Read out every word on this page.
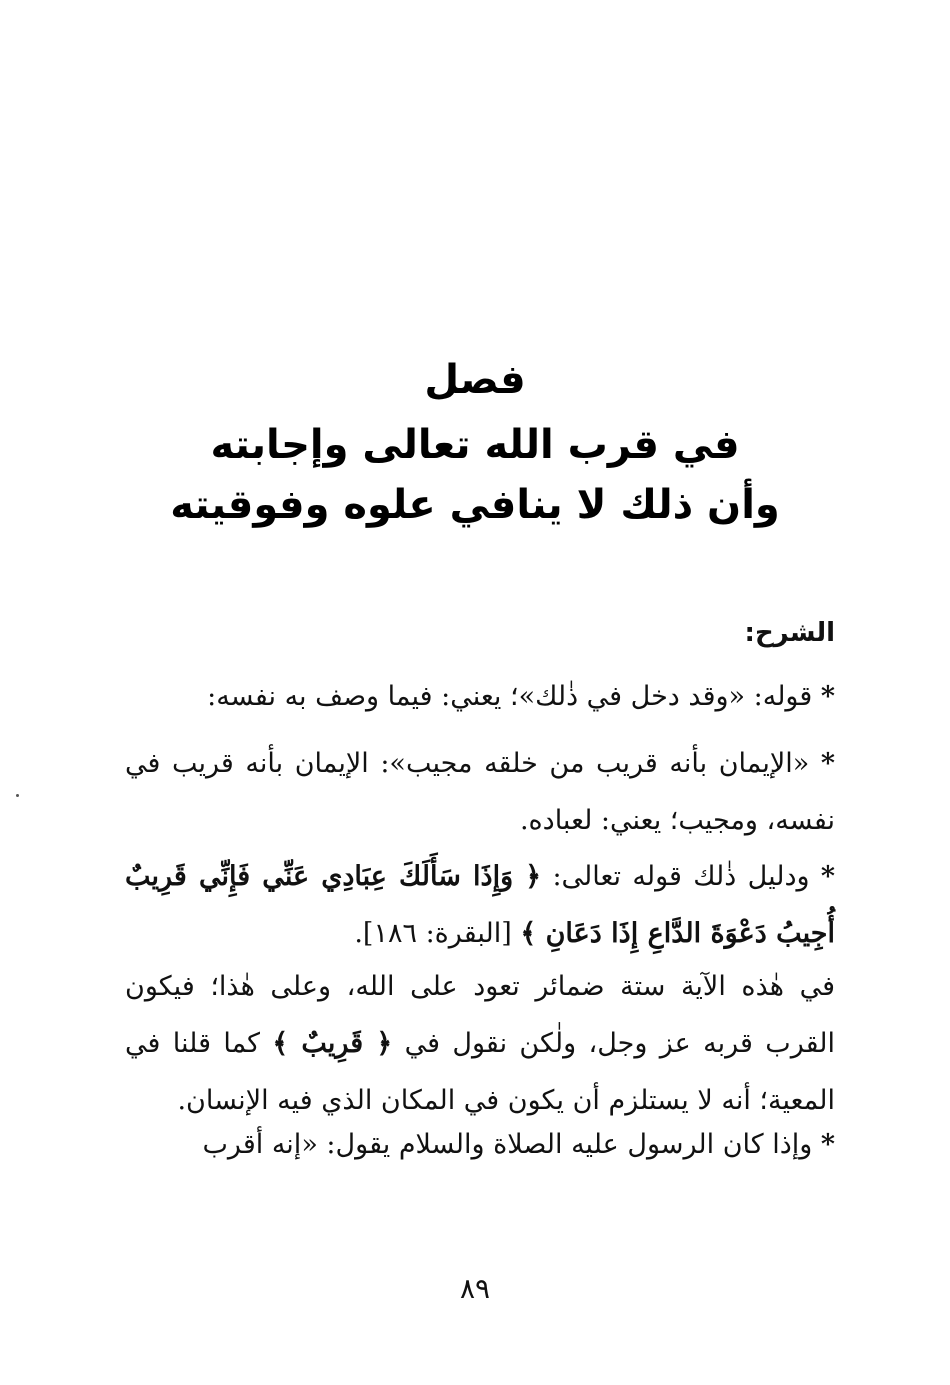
فصل
في قرب الله تعالى وإجابته
وأن ذلك لا ينافي علوه وفوقيته
الشرح:
* قوله: «وقد دخل في ذٰلك»؛ يعني: فيما وصف به نفسه:
* «الإيمان بأنه قريب من خلقه مجيب»: الإيمان بأنه قريب في نفسه، ومجيب؛ يعني: لعباده.
* ودليل ذٰلك قوله تعالى: ﴿ وَإِذَا سَأَلَكَ عِبَادِي عَنِّي فَإِنِّي قَرِيبٌ أُجِيبُ دَعْوَةَ الدَّاعِ إِذَا دَعَانِ ﴾ [البقرة: ١٨٦].
في هٰذه الآية ستة ضمائر تعود على الله، وعلى هٰذا؛ فيكون القرب قربه عز وجل، ولٰكن نقول في ﴿ قَرِيبٌ ﴾ كما قلنا في المعية؛ أنه لا يستلزم أن يكون في المكان الذي فيه الإنسان.
* وإذا كان الرسول عليه الصلاة والسلام يقول: «إنه أقرب
٨٩
